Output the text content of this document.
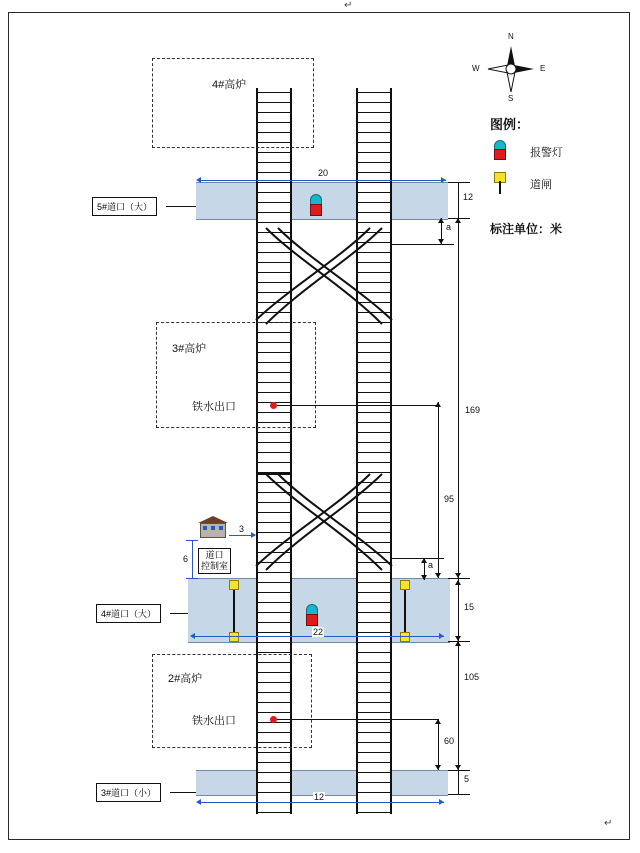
↵
↵
4#高炉
3#高炉
铁水出口
2#高炉
铁水出口
5#道口（大）
4#道口（大）
3#道口（小）
道口
控制室
3
6
20
12
a
169
95
a
15
22
105
60
5
12
N
S
W	E
图例：
报警灯
道闸
标注单位：米
